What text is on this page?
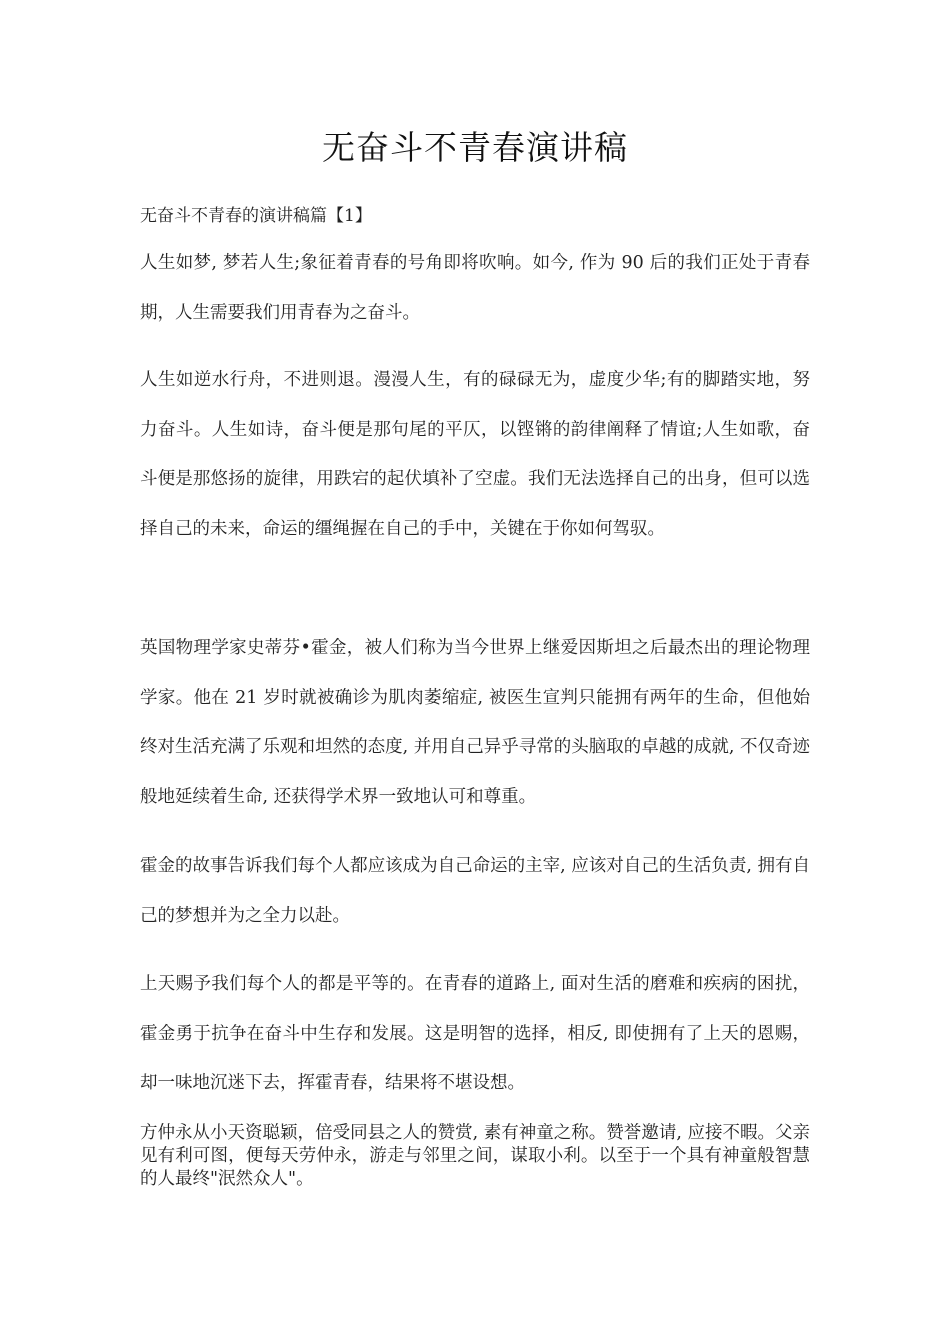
无奋斗不青春演讲稿

无奋斗不青春的演讲稿篇【1】

人生如梦, 梦若人生;象征着青春的号角即将吹响。如今, 作为 90 后的我们正处于青春期，人生需要我们用青春为之奋斗。

人生如逆水行舟，不进则退。漫漫人生，有的碌碌无为，虚度少华;有的脚踏实地，努力奋斗。人生如诗，奋斗便是那句尾的平仄，以铿锵的韵律阐释了情谊;人生如歌，奋斗便是那悠扬的旋律，用跌宕的起伏填补了空虚。我们无法选择自己的出身，但可以选择自己的未来，命运的缰绳握在自己的手中，关键在于你如何驾驭。

英国物理学家史蒂芬•霍金，被人们称为当今世界上继爱因斯坦之后最杰出的理论物理学家。他在 21 岁时就被确诊为肌肉萎缩症, 被医生宣判只能拥有两年的生命，但他始终对生活充满了乐观和坦然的态度, 并用自己异乎寻常的头脑取的卓越的成就, 不仅奇迹般地延续着生命, 还获得学术界一致地认可和尊重。

霍金的故事告诉我们每个人都应该成为自己命运的主宰, 应该对自己的生活负责, 拥有自己的梦想并为之全力以赴。

上天赐予我们每个人的都是平等的。在青春的道路上, 面对生活的磨难和疾病的困扰，霍金勇于抗争在奋斗中生存和发展。这是明智的选择，相反, 即使拥有了上天的恩赐，却一味地沉迷下去，挥霍青春，结果将不堪设想。

方仲永从小天资聪颖，倍受同县之人的赞赏, 素有神童之称。赞誉邀请, 应接不暇。父亲见有利可图，便每天劳仲永，游走与邻里之间，谋取小利。以至于一个具有神童般智慧的人最终"泯然众人"。
